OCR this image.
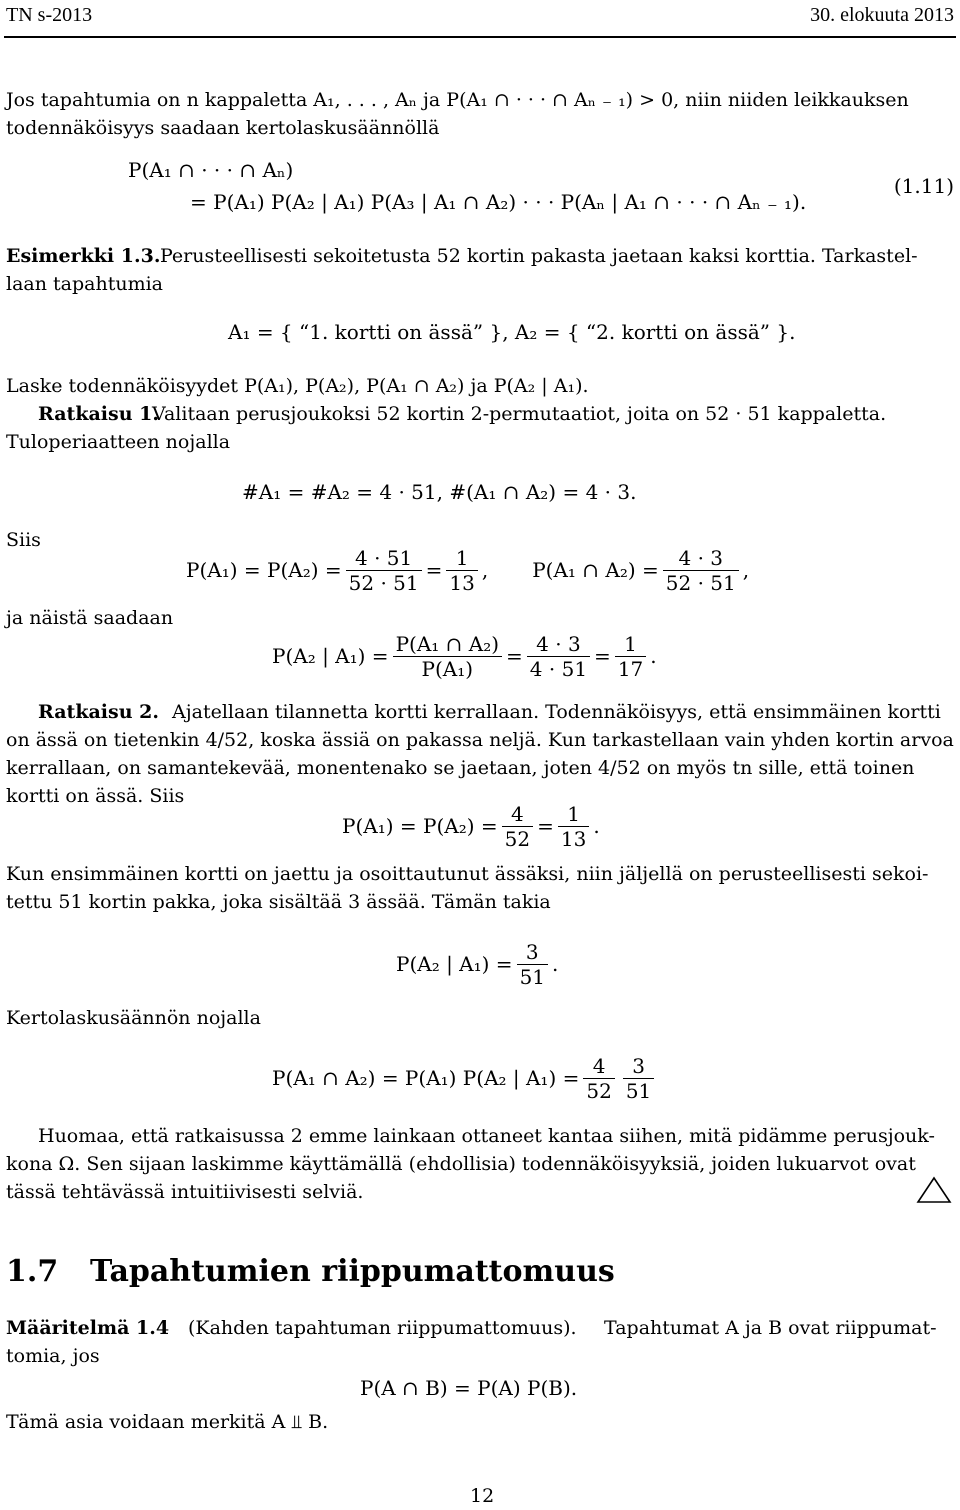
TN s-2013	30. elokuuta 2013
Jos tapahtumia on n kappaletta A₁, . . . , Aₙ ja P(A₁ ∩ · · · ∩ Aₙ ₋ ₁) > 0, niin niiden leikkauksen
todennäköisyys saadaan kertolaskusäännöllä
P(A₁ ∩ · · · ∩ Aₙ)
= P(A₁) P(A₂ | A₁) P(A₃ | A₁ ∩ A₂) · · · P(Aₙ | A₁ ∩ · · · ∩ Aₙ ₋ ₁).
(1.11)
Esimerkki 1.3. Perusteellisesti sekoitetusta 52 kortin pakasta jaetaan kaksi korttia. Tarkastel-
laan tapahtumia
A₁ = { “1. kortti on ässä” }, A₂ = { “2. kortti on ässä” }.
Laske todennäköisyydet P(A₁), P(A₂), P(A₁ ∩ A₂) ja P(A₂ | A₁).
Ratkaisu 1.
Valitaan perusjoukoksi 52 kortin 2-permutaatiot, joita on 52 · 51 kappaletta.
Tuloperiaatteen nojalla
#A₁ = #A₂ = 4 · 51, #(A₁ ∩ A₂) = 4 · 3.
Siis
$P(A_1) = P(A_2) = \frac{4 \cdot 51}{52 \cdot 51} = \frac{1}{13}$ , P(A₁ ∩ $A_2) = \frac{4 \cdot 3}{52 \cdot 51}$ ,
ja näistä saadaan
P(A₂ | $A_1) = \frac{\text{P(A₁ ∩ A₂)}}{\text{P(A₁)}} = \frac{4 \cdot 3}{4 \cdot 51} = \frac{1}{17}$ .
Ratkaisu 2. Ajatellaan tilannetta kortti kerrallaan. Todennäköisyys, että ensimmäinen kortti
on ässä on tietenkin 4/52, koska ässiä on pakassa neljä. Kun tarkastellaan vain yhden kortin arvoa
kerrallaan, on samantekevää, monentenako se jaetaan, joten 4/52 on myös tn sille, että toinen
kortti on ässä. Siis
$P(A_1) = P(A_2) = \frac{4}{52} = \frac{1}{13}$ .
Kun ensimmäinen kortti on jaettu ja osoittautunut ässäksi, niin jäljellä on perusteellisesti sekoi-
tettu 51 kortin pakka, joka sisältää 3 ässää. Tämän takia
P(A₂ | $A_1) = \frac{3}{51}$ .
Kertolaskusäännön nojalla
P(A₁ ∩ A₂) = P(A₁) P(A₂ | $A_1) = \frac{4}{52} \frac{3}{51}$
Huomaa, että ratkaisussa 2 emme lainkaan ottaneet kantaa siihen, mitä pidämme perusjouk-
kona Ω. Sen sijaan laskimme käyttämällä (ehdollisia) todennäköisyyksiä, joiden lukuarvot ovat
tässä tehtävässä intuitiivisesti selviä.
1.7 Tapahtumien riippumattomuus
Määritelmä 1.4 (Kahden tapahtuman riippumattomuus). Tapahtumat A ja B ovat riippumat-
tomia, jos
P(A ∩ B) = P(A) P(B).
Tämä asia voidaan merkitä A ⫫ B.
12
